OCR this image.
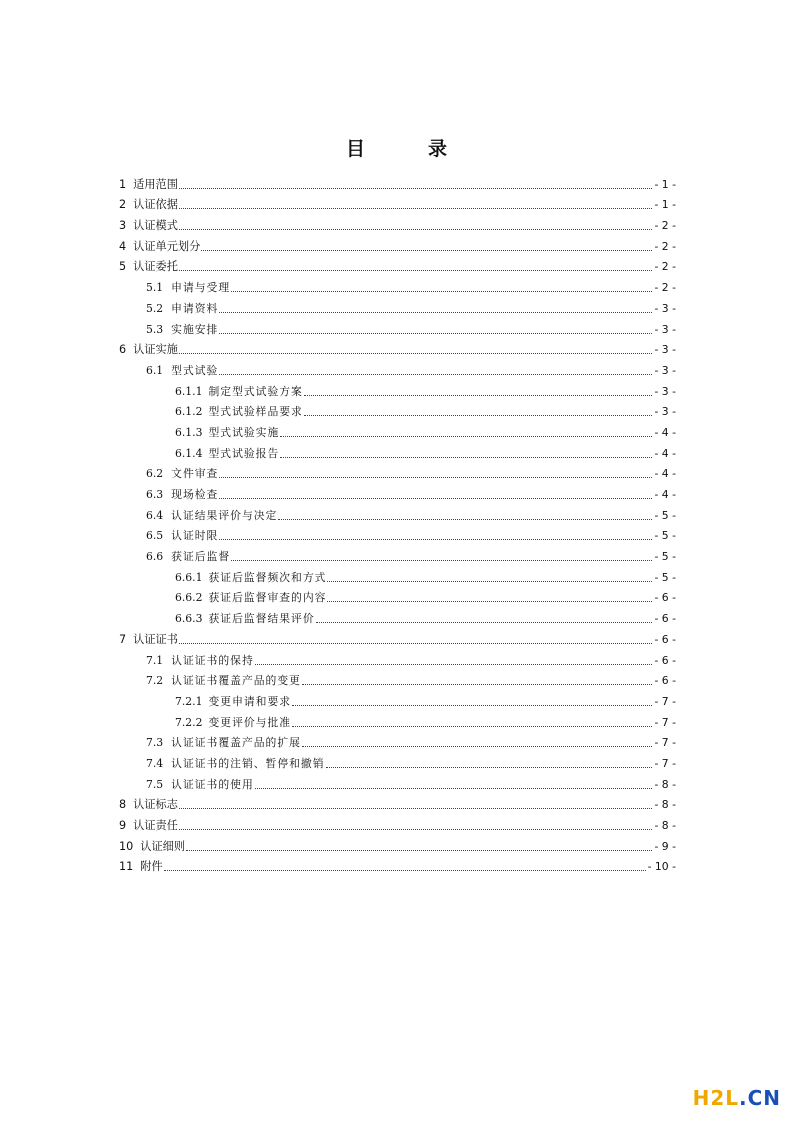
目　录
1 适用范围	- 1 -
2 认证依据	- 1 -
3 认证模式	- 2 -
4 认证单元划分	- 2 -
5 认证委托	- 2 -
5.1 申请与受理	- 2 -
5.2 申请资料	- 3 -
5.3 实施安排	- 3 -
6 认证实施	- 3 -
6.1 型式试验	- 3 -
6.1.1 制定型式试验方案	- 3 -
6.1.2 型式试验样品要求	- 3 -
6.1.3 型式试验实施	- 4 -
6.1.4 型式试验报告	- 4 -
6.2 文件审查	- 4 -
6.3 现场检查	- 4 -
6.4 认证结果评价与决定	- 5 -
6.5 认证时限	- 5 -
6.6 获证后监督	- 5 -
6.6.1 获证后监督频次和方式	- 5 -
6.6.2 获证后监督审查的内容	- 6 -
6.6.3 获证后监督结果评价	- 6 -
7 认证证书	- 6 -
7.1 认证证书的保持	- 6 -
7.2 认证证书覆盖产品的变更	- 6 -
7.2.1 变更申请和要求	- 7 -
7.2.2 变更评价与批准	- 7 -
7.3 认证证书覆盖产品的扩展	- 7 -
7.4 认证证书的注销、暂停和撤销	- 7 -
7.5 认证证书的使用	- 8 -
8 认证标志	- 8 -
9 认证责任	- 8 -
10 认证细则	- 9 -
11 附件	- 10 -
H2L.CN
